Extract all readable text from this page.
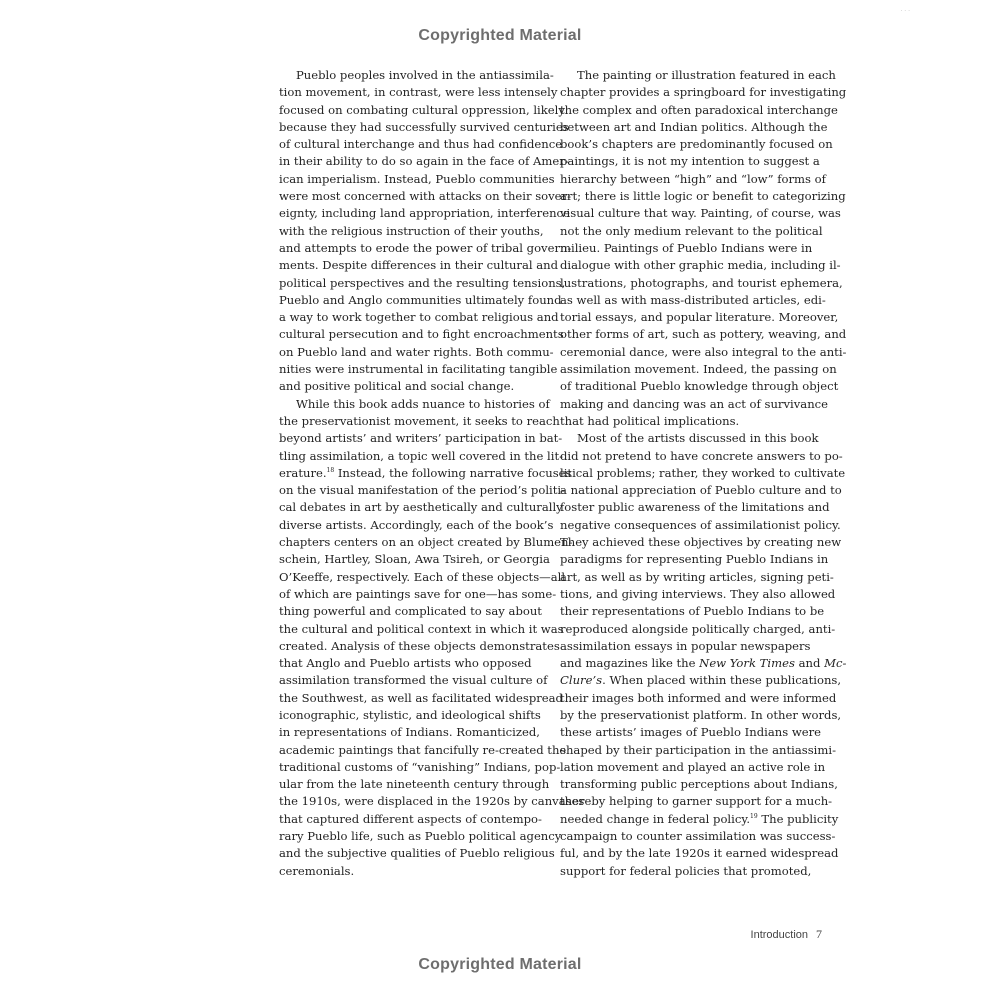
· · ·
Copyrighted Material
Pueblo peoples involved in the antiassimila-
tion movement, in contrast, were less intensely
focused on combating cultural oppression, likely
because they had successfully survived centuries
of cultural interchange and thus had confidence
in their ability to do so again in the face of Amer-
ican imperialism. Instead, Pueblo communities
were most concerned with attacks on their sover-
eignty, including land appropriation, interference
with the religious instruction of their youths,
and attempts to erode the power of tribal govern-
ments. Despite differences in their cultural and
political perspectives and the resulting tensions,
Pueblo and Anglo communities ultimately found
a way to work together to combat religious and
cultural persecution and to fight encroachments
on Pueblo land and water rights. Both commu-
nities were instrumental in facilitating tangible
and positive political and social change.
While this book adds nuance to histories of
the preservationist movement, it seeks to reach
beyond artists’ and writers’ participation in bat-
tling assimilation, a topic well covered in the lit-
erature.$^{18}$ Instead, the following narrative focuses
on the visual manifestation of the period’s politi-
cal debates in art by aesthetically and culturally
diverse artists. Accordingly, each of the book’s
chapters centers on an object created by Blumen-
schein, Hartley, Sloan, Awa Tsireh, or Georgia
O’Keeffe, respectively. Each of these objects—all
of which are paintings save for one—has some-
thing powerful and complicated to say about
the cultural and political context in which it was
created. Analysis of these objects demonstrates
that Anglo and Pueblo artists who opposed
assimilation transformed the visual culture of
the Southwest, as well as facilitated widespread
iconographic, stylistic, and ideological shifts
in representations of Indians. Romanticized,
academic paintings that fancifully re-created the
traditional customs of “vanishing” Indians, pop-
ular from the late nineteenth century through
the 1910s, were displaced in the 1920s by canvases
that captured different aspects of contempo-
rary Pueblo life, such as Pueblo political agency
and the subjective qualities of Pueblo religious
ceremonials.
The painting or illustration featured in each
chapter provides a springboard for investigating
the complex and often paradoxical interchange
between art and Indian politics. Although the
book’s chapters are predominantly focused on
paintings, it is not my intention to suggest a
hierarchy between “high” and “low” forms of
art; there is little logic or benefit to categorizing
visual culture that way. Painting, of course, was
not the only medium relevant to the political
milieu. Paintings of Pueblo Indians were in
dialogue with other graphic media, including il-
lustrations, photographs, and tourist ephemera,
as well as with mass-distributed articles, edi-
torial essays, and popular literature. Moreover,
other forms of art, such as pottery, weaving, and
ceremonial dance, were also integral to the anti-
assimilation movement. Indeed, the passing on
of traditional Pueblo knowledge through object
making and dancing was an act of survivance
that had political implications.
Most of the artists discussed in this book
did not pretend to have concrete answers to po-
litical problems; rather, they worked to cultivate
a national appreciation of Pueblo culture and to
foster public awareness of the limitations and
negative consequences of assimilationist policy.
They achieved these objectives by creating new
paradigms for representing Pueblo Indians in
art, as well as by writing articles, signing peti-
tions, and giving interviews. They also allowed
their representations of Pueblo Indians to be
reproduced alongside politically charged, anti-
assimilation essays in popular newspapers
and magazines like the New York Times and Mc-
Clure’s. When placed within these publications,
their images both informed and were informed
by the preservationist platform. In other words,
these artists’ images of Pueblo Indians were
shaped by their participation in the antiassimi-
lation movement and played an active role in
transforming public perceptions about Indians,
thereby helping to garner support for a much-
needed change in federal policy.$^{19}$ The publicity
campaign to counter assimilation was success-
ful, and by the late 1920s it earned widespread
support for federal policies that promoted,
Introduction 7
Copyrighted Material
